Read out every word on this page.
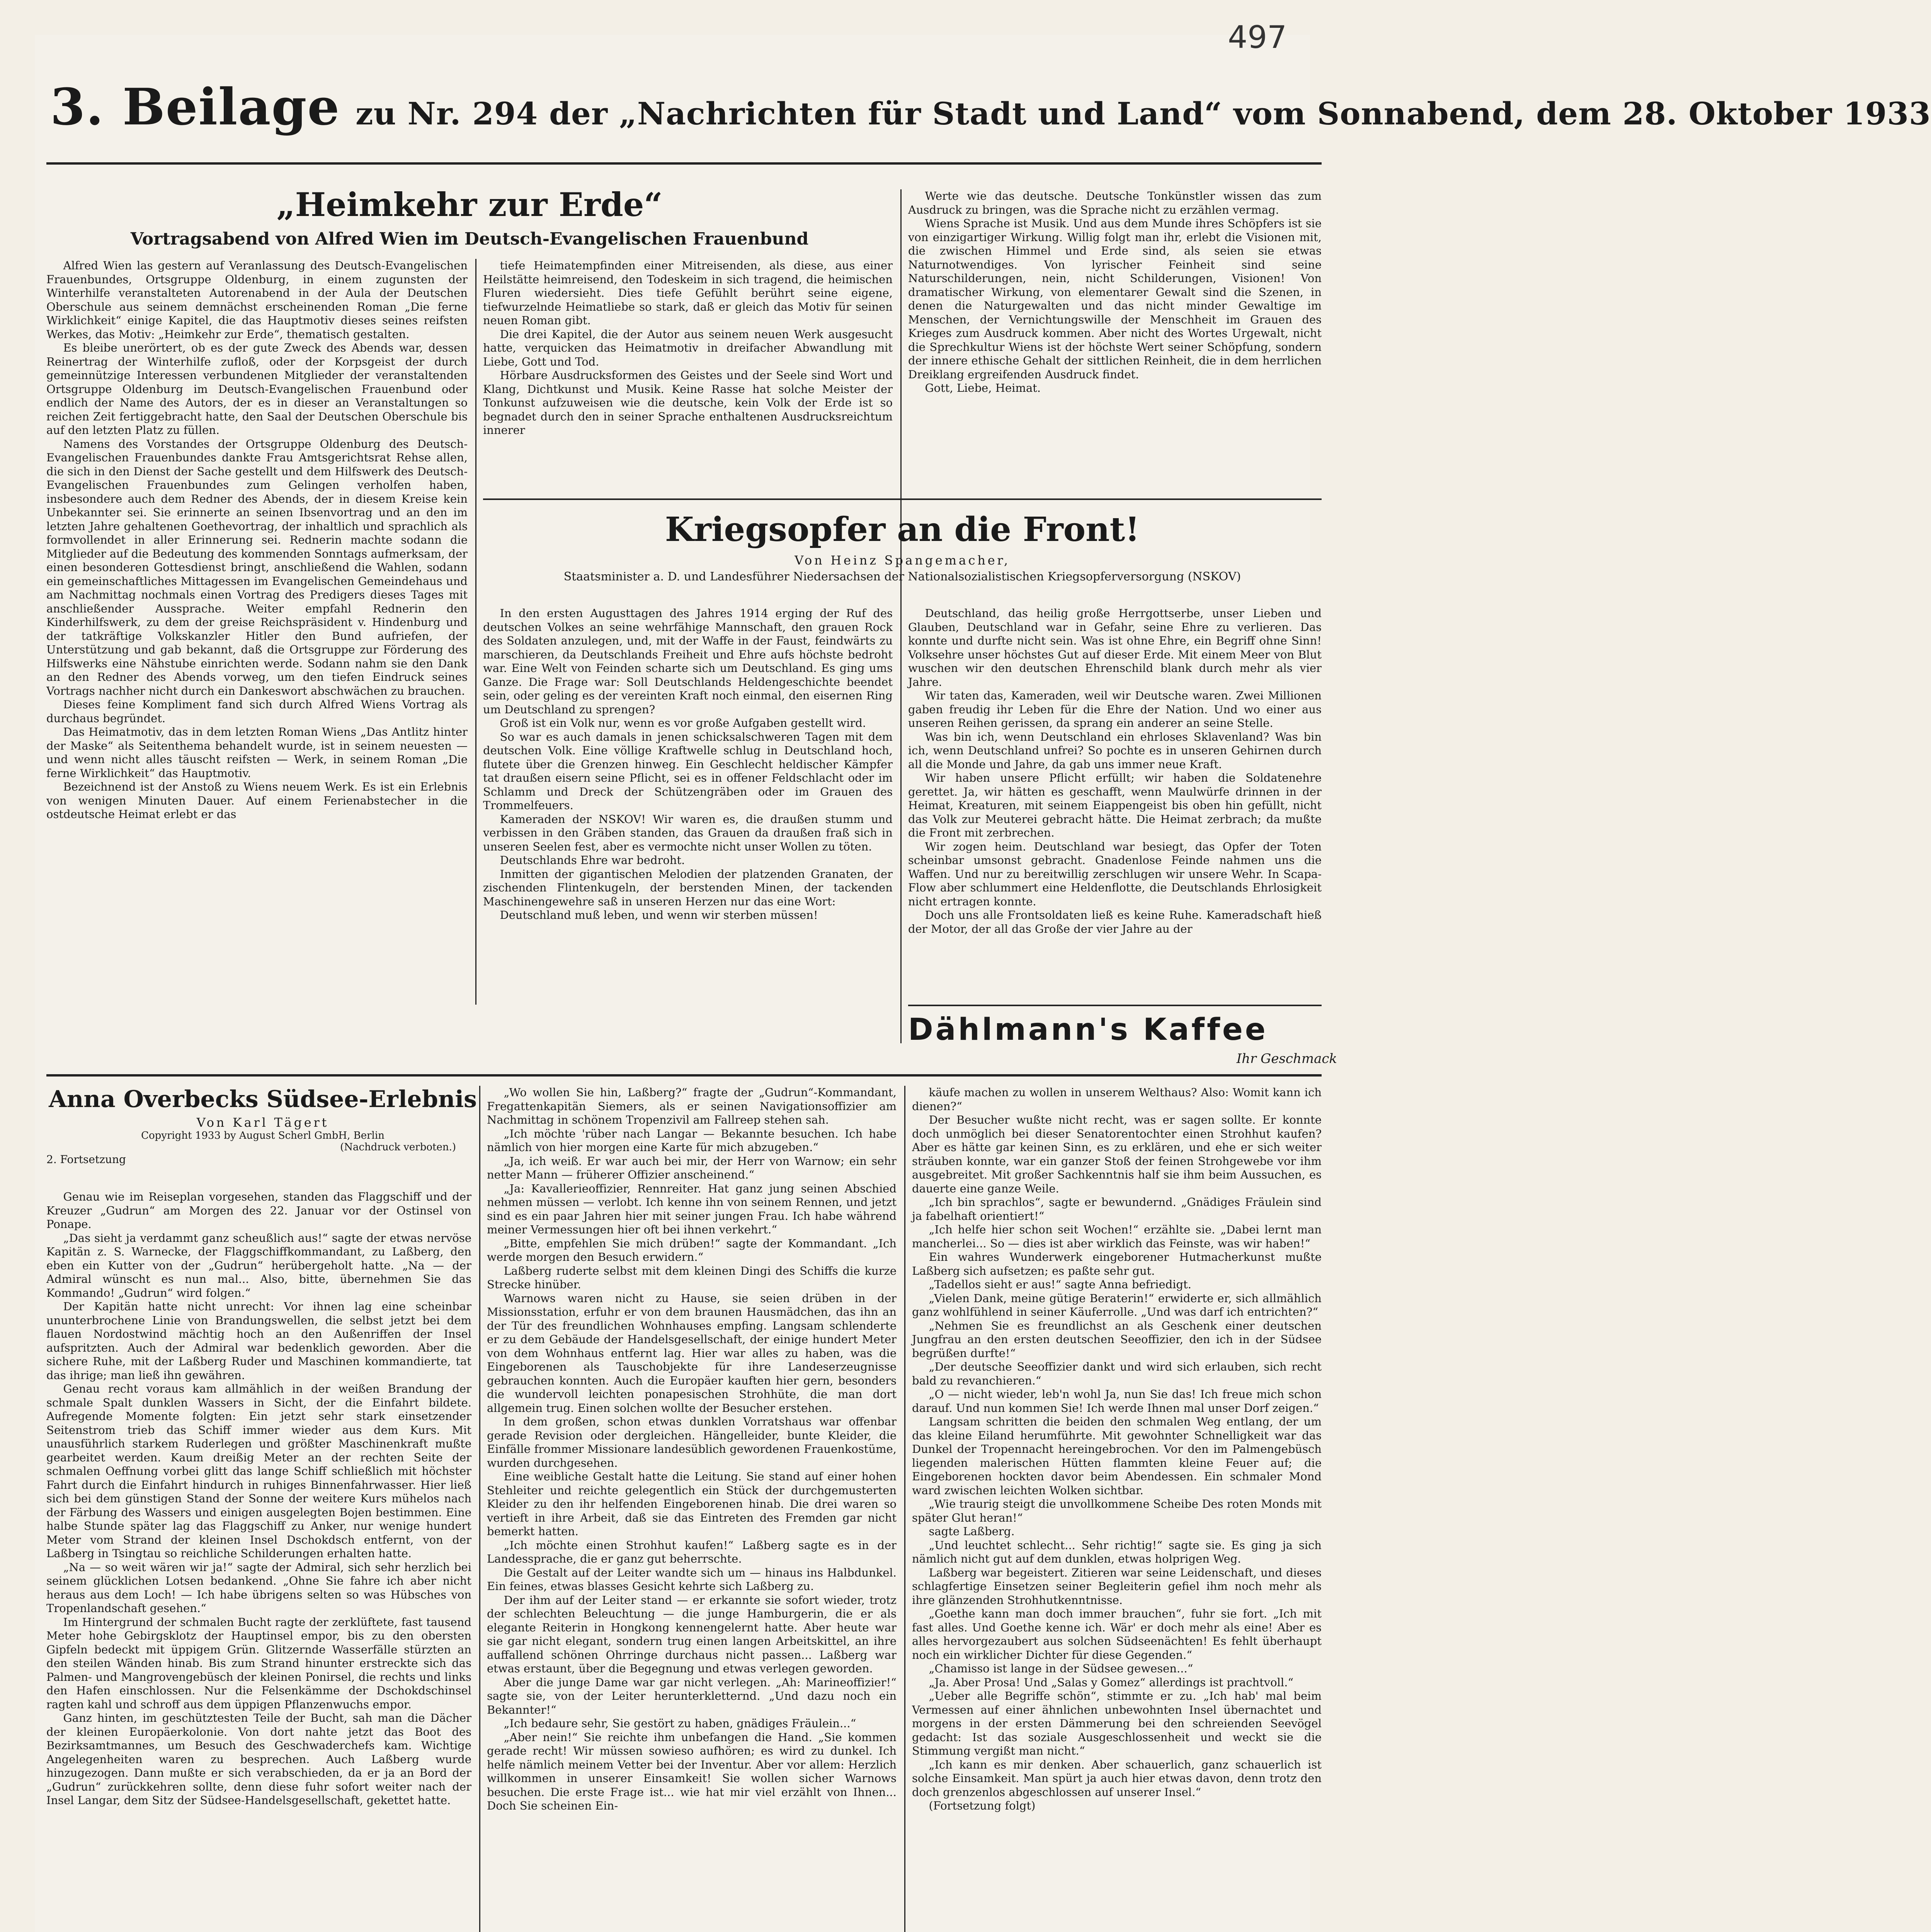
497
3. Beilage zu Nr. 294 der „Nachrichten für Stadt und Land“ vom Sonnabend, dem 28. Oktober 1933
„Heimkehr zur Erde“
Vortragsabend von Alfred Wien im Deutsch-Evangelischen Frauenbund

Alfred Wien las gestern auf Veranlassung des Deutsch-Evangelischen Frauenbundes, Ortsgruppe Oldenburg, in einem zugunsten der Winterhilfe veranstalteten Autorenabend in der Aula der Deutschen Oberschule aus seinem demnächst erscheinenden Roman „Die ferne Wirklichkeit“ einige Kapitel, die das Hauptmotiv dieses seines reifsten Werkes, das Motiv: „Heimkehr zur Erde“, thematisch gestalten.

Es bleibe unerörtert, ob es der gute Zweck des Abends war, dessen Reinertrag der Winterhilfe zufloß, oder der Korpsgeist der durch gemeinnützige Interessen verbundenen Mitglieder der veranstaltenden Ortsgruppe Oldenburg im Deutsch-Evangelischen Frauenbund oder endlich der Name des Autors, der es in dieser an Veranstaltungen so reichen Zeit fertiggebracht hatte, den Saal der Deutschen Oberschule bis auf den letzten Platz zu füllen.

Namens des Vorstandes der Ortsgruppe Oldenburg des Deutsch-Evangelischen Frauenbundes dankte Frau Amtsgerichtsrat Rehse allen, die sich in den Dienst der Sache gestellt und dem Hilfswerk des Deutsch-Evangelischen Frauenbundes zum Gelingen verholfen haben, insbesondere auch dem Redner des Abends, der in diesem Kreise kein Unbekannter sei. Sie erinnerte an seinen Ibsenvortrag und an den im letzten Jahre gehaltenen Goethevortrag, der inhaltlich und sprachlich als formvollendet in aller Erinnerung sei. Rednerin machte sodann die Mitglieder auf die Bedeutung des kommenden Sonntags aufmerksam, der einen besonderen Gottesdienst bringt, anschließend die Wahlen, sodann ein gemeinschaftliches Mittagessen im Evangelischen Gemeindehaus und am Nachmittag nochmals einen Vortrag des Predigers dieses Tages mit anschließender Aussprache. Weiter empfahl Rednerin den Kinderhilfswerk, zu dem der greise Reichspräsident v. Hindenburg und der tatkräftige Volkskanzler Hitler den Bund aufriefen, der Unterstützung und gab bekannt, daß die Ortsgruppe zur Förderung des Hilfswerks eine Nähstube einrichten werde. Sodann nahm sie den Dank an den Redner des Abends vorweg, um den tiefen Eindruck seines Vortrags nachher nicht durch ein Dankeswort abschwächen zu brauchen.

Dieses feine Kompliment fand sich durch Alfred Wiens Vortrag als durchaus begründet.

Das Heimatmotiv, das in dem letzten Roman Wiens „Das Antlitz hinter der Maske“ als Seitenthema behandelt wurde, ist in seinem neuesten — und wenn nicht alles täuscht reifsten — Werk, in seinem Roman „Die ferne Wirklichkeit“ das Hauptmotiv.

Bezeichnend ist der Anstoß zu Wiens neuem Werk. Es ist ein Erlebnis von wenigen Minuten Dauer. Auf einem Ferienabstecher in die ostdeutsche Heimat erlebt er das

tiefe Heimatempfinden einer Mitreisenden, als diese, aus einer Heilstätte heimreisend, den Todeskeim in sich tragend, die heimischen Fluren wiedersieht. Dies tiefe Gefühlt berührt seine eigene, tiefwurzelnde Heimatliebe so stark, daß er gleich das Motiv für seinen neuen Roman gibt.

Die drei Kapitel, die der Autor aus seinem neuen Werk ausgesucht hatte, verquicken das Heimatmotiv in dreifacher Abwandlung mit Liebe, Gott und Tod.

Hörbare Ausdrucksformen des Geistes und der Seele sind Wort und Klang, Dichtkunst und Musik. Keine Rasse hat solche Meister der Tonkunst aufzuweisen wie die deutsche, kein Volk der Erde ist so begnadet durch den in seiner Sprache enthaltenen Ausdrucksreichtum innerer

Werte wie das deutsche. Deutsche Tonkünstler wissen das zum Ausdruck zu bringen, was die Sprache nicht zu erzählen vermag.

Wiens Sprache ist Musik. Und aus dem Munde ihres Schöpfers ist sie von einzigartiger Wirkung. Willig folgt man ihr, erlebt die Visionen mit, die zwischen Himmel und Erde sind, als seien sie etwas Naturnotwendiges. Von lyrischer Feinheit sind seine Naturschilderungen, nein, nicht Schilderungen, Visionen! Von dramatischer Wirkung, von elementarer Gewalt sind die Szenen, in denen die Naturgewalten und das nicht minder Gewaltige im Menschen, der Vernichtungswille der Menschheit im Grauen des Krieges zum Ausdruck kommen. Aber nicht des Wortes Urgewalt, nicht die Sprechkultur Wiens ist der höchste Wert seiner Schöpfung, sondern der innere ethische Gehalt der sittlichen Reinheit, die in dem herrlichen Dreiklang ergreifenden Ausdruck findet.

Gott, Liebe, Heimat.

Kriegsopfer an die Front!
Von Heinz Spangemacher,
Staatsminister a. D. und Landesführer Niedersachsen der Nationalsozialistischen Kriegsopferversorgung (NSKOV)

In den ersten Augusttagen des Jahres 1914 erging der Ruf des deutschen Volkes an seine wehrfähige Mannschaft, den grauen Rock des Soldaten anzulegen, und, mit der Waffe in der Faust, feindwärts zu marschieren, da Deutschlands Freiheit und Ehre aufs höchste bedroht war. Eine Welt von Feinden scharte sich um Deutschland. Es ging ums Ganze. Die Frage war: Soll Deutschlands Heldengeschichte beendet sein, oder geling es der vereinten Kraft noch einmal, den eisernen Ring um Deutschland zu sprengen?

Groß ist ein Volk nur, wenn es vor große Aufgaben gestellt wird.

So war es auch damals in jenen schicksalschweren Tagen mit dem deutschen Volk. Eine völlige Kraftwelle schlug in Deutschland hoch, flutete über die Grenzen hinweg. Ein Geschlecht heldischer Kämpfer tat draußen eisern seine Pflicht, sei es in offener Feldschlacht oder im Schlamm und Dreck der Schützengräben oder im Grauen des Trommelfeuers.

Kameraden der NSKOV! Wir waren es, die draußen stumm und verbissen in den Gräben standen, das Grauen da draußen fraß sich in unseren Seelen fest, aber es vermochte nicht unser Wollen zu töten.

Deutschlands Ehre war bedroht.

Inmitten der gigantischen Melodien der platzenden Granaten, der zischenden Flintenkugeln, der berstenden Minen, der tackenden Maschinengewehre saß in unseren Herzen nur das eine Wort:

Deutschland muß leben, und wenn wir sterben müssen!

Deutschland, das heilig große Herrgottserbe, unser Lieben und Glauben, Deutschland war in Gefahr, seine Ehre zu verlieren. Das konnte und durfte nicht sein. Was ist ohne Ehre, ein Begriff ohne Sinn! Volksehre unser höchstes Gut auf dieser Erde. Mit einem Meer von Blut wuschen wir den deutschen Ehrenschild blank durch mehr als vier Jahre.

Wir taten das, Kameraden, weil wir Deutsche waren. Zwei Millionen gaben freudig ihr Leben für die Ehre der Nation. Und wo einer aus unseren Reihen gerissen, da sprang ein anderer an seine Stelle.

Was bin ich, wenn Deutschland ein ehrloses Sklavenland? Was bin ich, wenn Deutschland unfrei? So pochte es in unseren Gehirnen durch all die Monde und Jahre, da gab uns immer neue Kraft.

Wir haben unsere Pflicht erfüllt; wir haben die Soldatenehre gerettet. Ja, wir hätten es geschafft, wenn Maulwürfe drinnen in der Heimat, Kreaturen, mit seinem Eiappengeist bis oben hin gefüllt, nicht das Volk zur Meuterei gebracht hätte. Die Heimat zerbrach; da mußte die Front mit zerbrechen.

Wir zogen heim. Deutschland war besiegt, das Opfer der Toten scheinbar umsonst gebracht. Gnadenlose Feinde nahmen uns die Waffen. Und nur zu bereitwillig zerschlugen wir unsere Wehr. In Scapa-Flow aber schlummert eine Heldenflotte, die Deutschlands Ehrlosigkeit nicht ertragen konnte.

Doch uns alle Frontsoldaten ließ es keine Ruhe. Kameradschaft hieß der Motor, der all das Große der vier Jahre au der

Dählmann's Kaffee
Ihr Geschmack
Anna Overbecks Südsee-Erlebnis
Von Karl Tägert
Copyright 1933 by August Scherl GmbH, Berlin
(Nachdruck verboten.)
2. Fortsetzung

Genau wie im Reiseplan vorgesehen, standen das Flaggschiff und der Kreuzer „Gudrun“ am Morgen des 22. Januar vor der Ostinsel von Ponape.

„Das sieht ja verdammt ganz scheußlich aus!“ sagte der etwas nervöse Kapitän z. S. Warnecke, der Flaggschiffkommandant, zu Laßberg, den eben ein Kutter von der „Gudrun“ herübergeholt hatte. „Na — der Admiral wünscht es nun mal... Also, bitte, übernehmen Sie das Kommando! „Gudrun“ wird folgen.“

Der Kapitän hatte nicht unrecht: Vor ihnen lag eine scheinbar ununterbrochene Linie von Brandungswellen, die selbst jetzt bei dem flauen Nordostwind mächtig hoch an den Außenriffen der Insel aufspritzten. Auch der Admiral war bedenklich geworden. Aber die sichere Ruhe, mit der Laßberg Ruder und Maschinen kommandierte, tat das ihrige; man ließ ihn gewähren.

Genau recht voraus kam allmählich in der weißen Brandung der schmale Spalt dunklen Wassers in Sicht, der die Einfahrt bildete. Aufregende Momente folgten: Ein jetzt sehr stark einsetzender Seitenstrom trieb das Schiff immer wieder aus dem Kurs. Mit unausführlich starkem Ruderlegen und größter Maschinenkraft mußte gearbeitet werden. Kaum dreißig Meter an der rechten Seite der schmalen Oeffnung vorbei glitt das lange Schiff schließlich mit höchster Fahrt durch die Einfahrt hindurch in ruhiges Binnenfahrwasser. Hier ließ sich bei dem günstigen Stand der Sonne der weitere Kurs mühelos nach der Färbung des Wassers und einigen ausgelegten Bojen bestimmen. Eine halbe Stunde später lag das Flaggschiff zu Anker, nur wenige hundert Meter vom Strand der kleinen Insel Dschokdsch entfernt, von der Laßberg in Tsingtau so reichliche Schilderungen erhalten hatte.

„Na — so weit wären wir ja!“ sagte der Admiral, sich sehr herzlich bei seinem glücklichen Lotsen bedankend. „Ohne Sie fahre ich aber nicht heraus aus dem Loch! — Ich habe übrigens selten so was Hübsches von Tropenlandschaft gesehen.“

Im Hintergrund der schmalen Bucht ragte der zerklüftete, fast tausend Meter hohe Gebirgsklotz der Hauptinsel empor, bis zu den obersten Gipfeln bedeckt mit üppigem Grün. Glitzernde Wasserfälle stürzten an den steilen Wänden hinab. Bis zum Strand hinunter erstreckte sich das Palmen- und Mangrovengebüsch der kleinen Ponirsel, die rechts und links den Hafen einschlossen. Nur die Felsenkämme der Dschokdschinsel ragten kahl und schroff aus dem üppigen Pflanzenwuchs empor.

Ganz hinten, im geschütztesten Teile der Bucht, sah man die Dächer der kleinen Europäerkolonie. Von dort nahte jetzt das Boot des Bezirksamtmannes, um Besuch des Geschwaderchefs kam. Wichtige Angelegenheiten waren zu besprechen. Auch Laßberg wurde hinzugezogen. Dann mußte er sich verabschieden, da er ja an Bord der „Gudrun“ zurückkehren sollte, denn diese fuhr sofort weiter nach der Insel Langar, dem Sitz der Südsee-Handelsgesellschaft, gekettet hatte.

„Wo wollen Sie hin, Laßberg?“ fragte der „Gudrun“-Kommandant, Fregattenkapitän Siemers, als er seinen Navigationsoffizier am Nachmittag in schönem Tropenzivil am Fallreep stehen sah.

„Ich möchte 'rüber nach Langar — Bekannte besuchen. Ich habe nämlich von hier morgen eine Karte für mich abzugeben.“

„Ja, ich weiß. Er war auch bei mir, der Herr von Warnow; ein sehr netter Mann — früherer Offizier anscheinend.“

„Ja: Kavallerieoffizier, Rennreiter. Hat ganz jung seinen Abschied nehmen müssen — verlobt. Ich kenne ihn von seinem Rennen, und jetzt sind es ein paar Jahren hier mit seiner jungen Frau. Ich habe während meiner Vermessungen hier oft bei ihnen verkehrt.“

„Bitte, empfehlen Sie mich drüben!“ sagte der Kommandant. „Ich werde morgen den Besuch erwidern.“

Laßberg ruderte selbst mit dem kleinen Dingi des Schiffs die kurze Strecke hinüber.

Warnows waren nicht zu Hause, sie seien drüben in der Missionsstation, erfuhr er von dem braunen Hausmädchen, das ihn an der Tür des freundlichen Wohnhauses empfing. Langsam schlenderte er zu dem Gebäude der Handelsgesellschaft, der einige hundert Meter von dem Wohnhaus entfernt lag. Hier war alles zu haben, was die Eingeborenen als Tauschobjekte für ihre Landeserzeugnisse gebrauchen konnten. Auch die Europäer kauften hier gern, besonders die wundervoll leichten ponapesischen Strohhüte, die man dort allgemein trug. Einen solchen wollte der Besucher erstehen.

In dem großen, schon etwas dunklen Vorratshaus war offenbar gerade Revision oder dergleichen. Hängelleider, bunte Kleider, die Einfälle frommer Missionare landesüblich gewordenen Frauenkostüme, wurden durchgesehen.

Eine weibliche Gestalt hatte die Leitung. Sie stand auf einer hohen Stehleiter und reichte gelegentlich ein Stück der durchgemusterten Kleider zu den ihr helfenden Eingeborenen hinab. Die drei waren so vertieft in ihre Arbeit, daß sie das Eintreten des Fremden gar nicht bemerkt hatten.

„Ich möchte einen Strohhut kaufen!“ Laßberg sagte es in der Landessprache, die er ganz gut beherrschte.

Die Gestalt auf der Leiter wandte sich um — hinaus ins Halbdunkel. Ein feines, etwas blasses Gesicht kehrte sich Laßberg zu.

Der ihm auf der Leiter stand — er erkannte sie sofort wieder, trotz der schlechten Beleuchtung — die junge Hamburgerin, die er als elegante Reiterin in Hongkong kennengelernt hatte. Aber heute war sie gar nicht elegant, sondern trug einen langen Arbeitskittel, an ihre auffallend schönen Ohrringe durchaus nicht passen... Laßberg war etwas erstaunt, über die Begegnung und etwas verlegen geworden.

Aber die junge Dame war gar nicht verlegen. „Ah: Marineoffizier!“ sagte sie, von der Leiter herunterkletternd. „Und dazu noch ein Bekannter!“

„Ich bedaure sehr, Sie gestört zu haben, gnädiges Fräulein...“

„Aber nein!“ Sie reichte ihm unbefangen die Hand. „Sie kommen gerade recht! Wir müssen sowieso aufhören; es wird zu dunkel. Ich helfe nämlich meinem Vetter bei der Inventur. Aber vor allem: Herzlich willkommen in unserer Einsamkeit! Sie wollen sicher Warnows besuchen. Die erste Frage ist... wie hat mir viel erzählt von Ihnen... Doch Sie scheinen Ein-

käufe machen zu wollen in unserem Welthaus? Also: Womit kann ich dienen?“

Der Besucher wußte nicht recht, was er sagen sollte. Er konnte doch unmöglich bei dieser Senatorentochter einen Strohhut kaufen? Aber es hätte gar keinen Sinn, es zu erklären, und ehe er sich weiter sträuben konnte, war ein ganzer Stoß der feinen Strohgewebe vor ihm ausgebreitet. Mit großer Sachkenntnis half sie ihm beim Aussuchen, es dauerte eine ganze Weile.

„Ich bin sprachlos“, sagte er bewundernd. „Gnädiges Fräulein sind ja fabelhaft orientiert!“

„Ich helfe hier schon seit Wochen!“ erzählte sie. „Dabei lernt man mancherlei... So — dies ist aber wirklich das Feinste, was wir haben!“

Ein wahres Wunderwerk eingeborener Hutmacherkunst mußte Laßberg sich aufsetzen; es paßte sehr gut.

„Tadellos sieht er aus!“ sagte Anna befriedigt.

„Vielen Dank, meine gütige Beraterin!“ erwiderte er, sich allmählich ganz wohlfühlend in seiner Käuferrolle. „Und was darf ich entrichten?“

„Nehmen Sie es freundlichst an als Geschenk einer deutschen Jungfrau an den ersten deutschen Seeoffizier, den ich in der Südsee begrüßen durfte!“

„Der deutsche Seeoffizier dankt und wird sich erlauben, sich recht bald zu revanchieren.“

„O — nicht wieder, leb'n wohl Ja, nun Sie das! Ich freue mich schon darauf. Und nun kommen Sie! Ich werde Ihnen mal unser Dorf zeigen.“

Langsam schritten die beiden den schmalen Weg entlang, der um das kleine Eiland herumführte. Mit gewohnter Schnelligkeit war das Dunkel der Tropennacht hereingebrochen. Vor den im Palmengebüsch liegenden malerischen Hütten flammten kleine Feuer auf; die Eingeborenen hockten davor beim Abendessen. Ein schmaler Mond ward zwischen leichten Wolken sichtbar.

„Wie traurig steigt die unvollkommene Scheibe Des roten Monds mit später Glut heran!“

sagte Laßberg.

„Und leuchtet schlecht... Sehr richtig!“ sagte sie. Es ging ja sich nämlich nicht gut auf dem dunklen, etwas holprigen Weg.

Laßberg war begeistert. Zitieren war seine Leidenschaft, und dieses schlagfertige Einsetzen seiner Begleiterin gefiel ihm noch mehr als ihre glänzenden Strohhutkenntnisse.

„Goethe kann man doch immer brauchen“, fuhr sie fort. „Ich mit fast alles. Und Goethe kenne ich. Wär' er doch mehr als eine! Aber es alles hervorgezaubert aus solchen Südseenächten! Es fehlt überhaupt noch ein wirklicher Dichter für diese Gegenden.“

„Chamisso ist lange in der Südsee gewesen...“

„Ja. Aber Prosa! Und „Salas y Gomez“ allerdings ist prachtvoll.“

„Ueber alle Begriffe schön“, stimmte er zu. „Ich hab' mal beim Vermessen auf einer ähnlichen unbewohnten Insel übernachtet und morgens in der ersten Dämmerung bei den schreienden Seevögel gedacht: Ist das soziale Ausgeschlossenheit und weckt sie die Stimmung vergißt man nicht.“

„Ich kann es mir denken. Aber schauerlich, ganz schauerlich ist solche Einsamkeit. Man spürt ja auch hier etwas davon, denn trotz den doch grenzenlos abgeschlossen auf unserer Insel.“

(Fortsetzung folgt)
